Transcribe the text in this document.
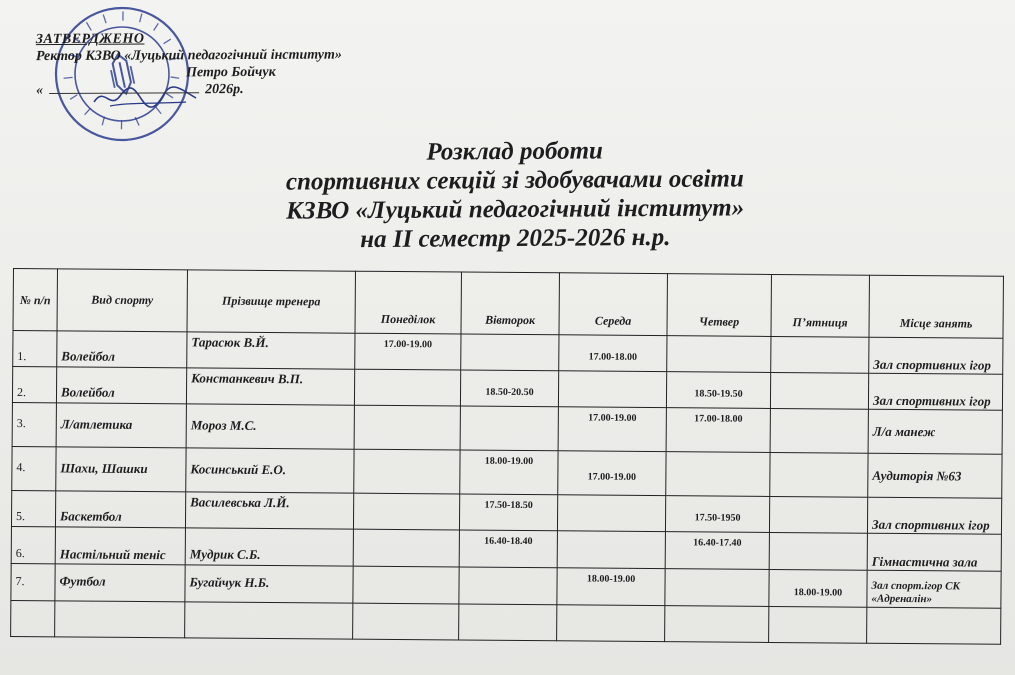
ЗАТВЕРДЖЕНО
Ректор КЗВО «Луцький педагогічний інститут»
Петро Бойчук
«	2026р.
Розклад роботи
спортивних секцій зі здобувачами освіти
КЗВО «Луцький педагогічний інститут»
на II семестр 2025-2026 н.р.
№ п/п	Вид спорту	Прізвище тренера	Понеділок	Вівторок	Середа	Четвер	П’ятниця	Місце занять
1.	Волейбол	Тарасюк В.Й.	17.00-19.00		17.00-18.00			Зал спортивних ігор
2.	Волейбол	Констанкевич В.П.		18.50-20.50		18.50-19.50		Зал спортивних ігор
3.	Л/атлетика	Мороз М.С.			17.00-19.00	17.00-18.00		Л/а манеж
4.	Шахи, Шашки	Косинський Е.О.		18.00-19.00	17.00-19.00			Аудиторія №63
5.	Баскетбол	Василевська Л.Й.		17.50-18.50		17.50-1950		Зал спортивних ігор
6.	Настільний теніс	Мудрик С.Б.		16.40-18.40		16.40-17.40		Гімнастична зала
7.	Футбол	Бугайчук Н.Б.			18.00-19.00		18.00-19.00	Зал спорт.ігор СК «Адреналін»
